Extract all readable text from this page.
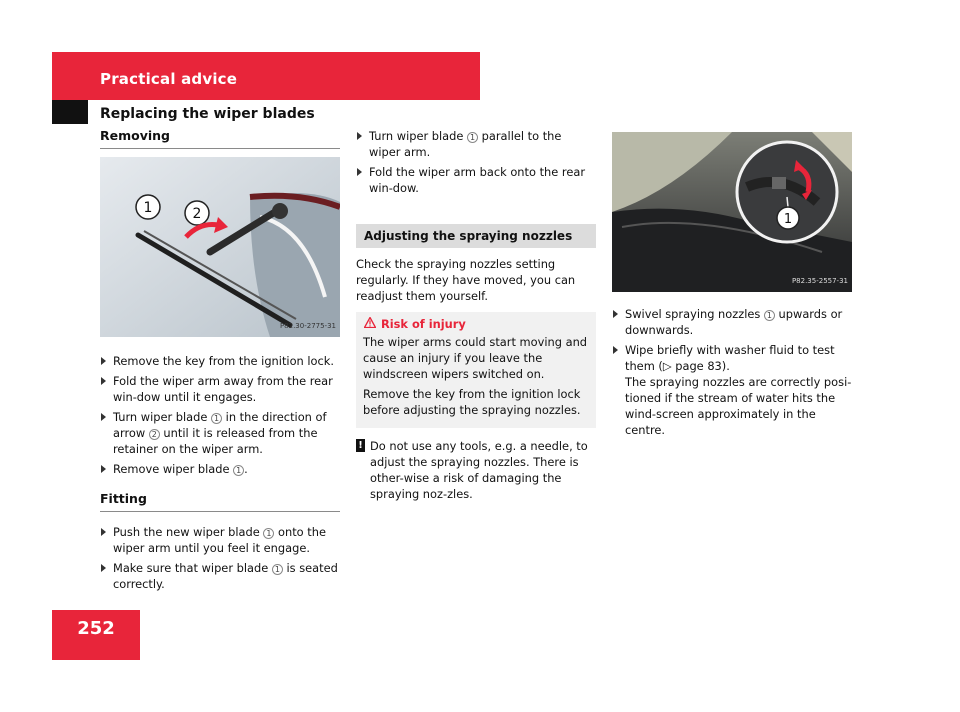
Practical advice
Replacing the wiper blades
Removing
1	2
P82.30-2775-31
Remove the key from the ignition lock.
Fold the wiper arm away from the rear win-dow until it engages.
Turn wiper blade 1 in the direction of arrow 2 until it is released from the retainer on the wiper arm.
Remove wiper blade 1 .
Fitting
Push the new wiper blade 1 onto the wiper arm until you feel it engage.
Make sure that wiper blade 1 is seated correctly.
Turn wiper blade 1 parallel to the wiper arm.
Fold the wiper arm back onto the rear win-dow.
Adjusting the spraying nozzles
Check the spraying nozzles setting regularly. If they have moved, you can readjust them yourself.
Risk of injury
The wiper arms could start moving and cause an injury if you leave the windscreen wipers switched on.
Remove the key from the ignition lock before adjusting the spraying nozzles.
! Do not use any tools, e.g. a needle, to adjust the spraying nozzles. There is other-wise a risk of damaging the spraying noz-zles.
1
P82.35-2557-31
Swivel spraying nozzles 1 upwards or downwards.
Wipe briefly with washer fluid to test them (▷ page 83).
The spraying nozzles are correctly posi-tioned if the stream of water hits the wind-screen approximately in the centre.
252
